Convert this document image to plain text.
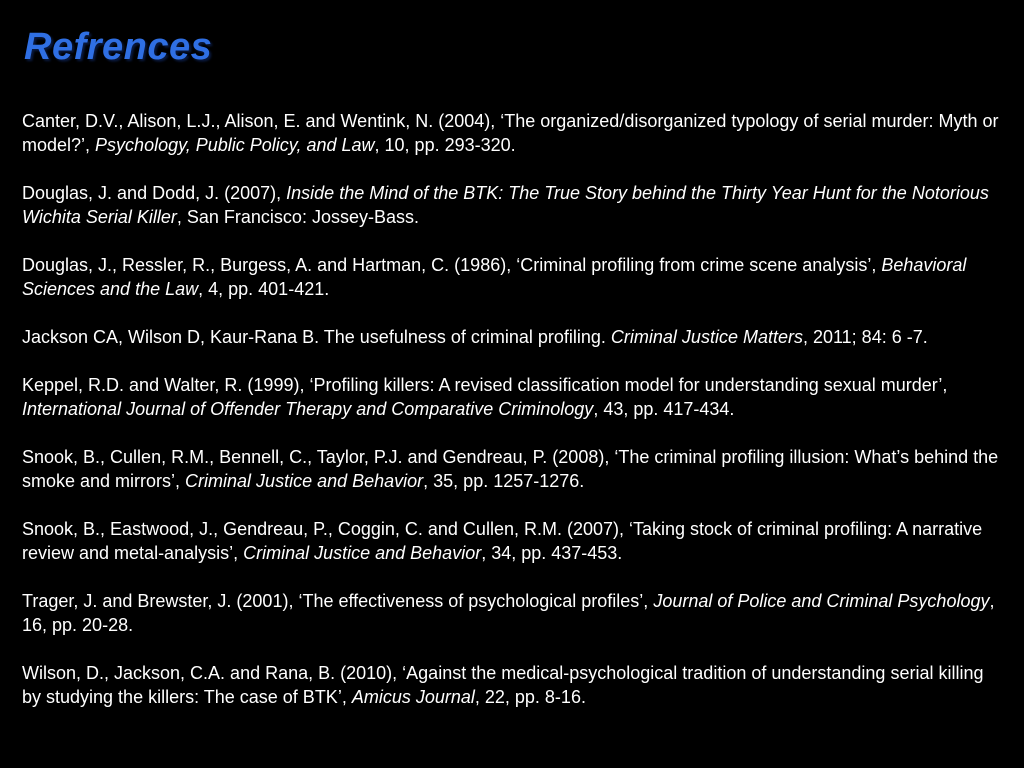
Refrences

Canter, D.V., Alison, L.J., Alison, E. and Wentink, N. (2004), ‘The organized/disorganized typology of serial murder: Myth or model?’, Psychology, Public Policy, and Law, 10, pp. 293-320.

Douglas, J. and Dodd, J. (2007), Inside the Mind of the BTK: The True Story behind the Thirty Year Hunt for the Notorious Wichita Serial Killer, San Francisco: Jossey-Bass.

Douglas, J., Ressler, R., Burgess, A. and Hartman, C. (1986), ‘Criminal profiling from crime scene analysis’, Behavioral Sciences and the Law, 4, pp. 401-421.

Jackson CA, Wilson D, Kaur-Rana B. The usefulness of criminal profiling. Criminal Justice Matters, 2011; 84: 6 -7.

Keppel, R.D. and Walter, R. (1999), ‘Profiling killers: A revised classification model for understanding sexual murder’, International Journal of Offender Therapy and Comparative Criminology, 43, pp. 417-434.

Snook, B., Cullen, R.M., Bennell, C., Taylor, P.J. and Gendreau, P. (2008), ‘The criminal profiling illusion: What’s behind the smoke and mirrors’, Criminal Justice and Behavior, 35, pp. 1257-1276.

Snook, B., Eastwood, J., Gendreau, P., Coggin, C. and Cullen, R.M. (2007), ‘Taking stock of criminal profiling: A narrative review and metal-analysis’, Criminal Justice and Behavior, 34, pp. 437-453.

Trager, J. and Brewster, J. (2001), ‘The effectiveness of psychological profiles’, Journal of Police and Criminal Psychology, 16, pp. 20-28.

Wilson, D., Jackson, C.A. and Rana, B. (2010), ‘Against the medical-psychological tradition of understanding serial killing by studying the killers: The case of BTK’, Amicus Journal, 22, pp. 8-16.
